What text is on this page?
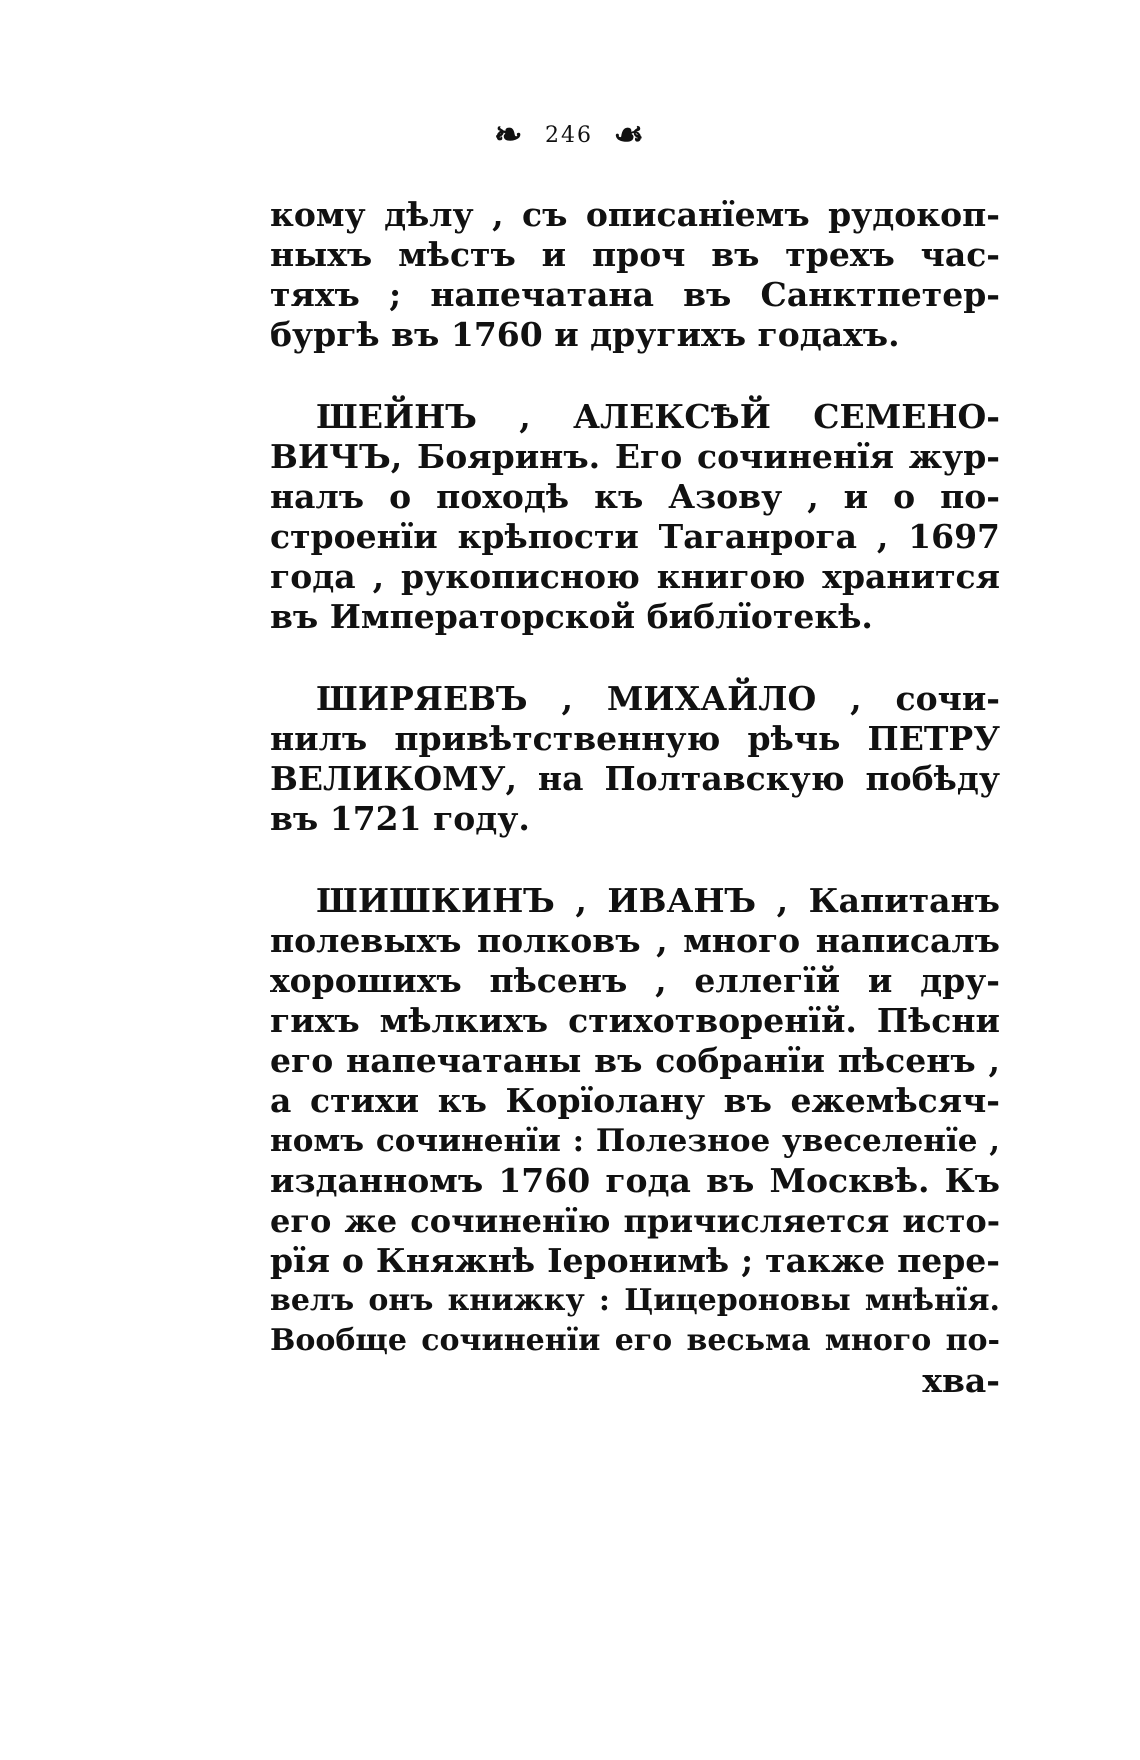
❧ 246 ☙
кому дѣлу , съ описанїемъ рудокоп-
ныхъ мѣстъ и проч въ трехъ час-
тяхъ ; напечатана въ Санктпетер-
бургѣ въ 1760 и другихъ годахъ.
ШЕЙНЪ , АЛЕКСѢЙ СЕМЕНО-
ВИЧЪ, Бояринъ. Его сочиненїя жур-
налъ о походѣ къ Азову , и о по-
строенїи крѣпости Таганрога , 1697
года , рукописною книгою хранится
въ Императорской библїотекѣ.
ШИРЯЕВЪ , МИХАЙЛО , сочи-
нилъ привѣтственную рѣчь ПЕТРУ
ВЕЛИКОМУ, на Полтавскую побѣду
въ 1721 году.
ШИШКИНЪ , ИВАНЪ , Капитанъ
полевыхъ полковъ , много написалъ
хорошихъ пѣсенъ , еллегїй и дру-
гихъ мѣлкихъ стихотворенїй. Пѣсни
его напечатаны въ собранїи пѣсенъ ,
а стихи къ Корїолану въ ежемѣсяч-
номъ сочиненїи : Полезное увеселенїе ,
изданномъ 1760 года въ Москвѣ. Къ
его же сочиненїю причисляется исто-
рїя о Княжнѣ Іеронимѣ ; также пере-
велъ онъ книжку : Цицероновы мнѣнїя.
Вообще сочиненїи его весьма много по-
хва-
